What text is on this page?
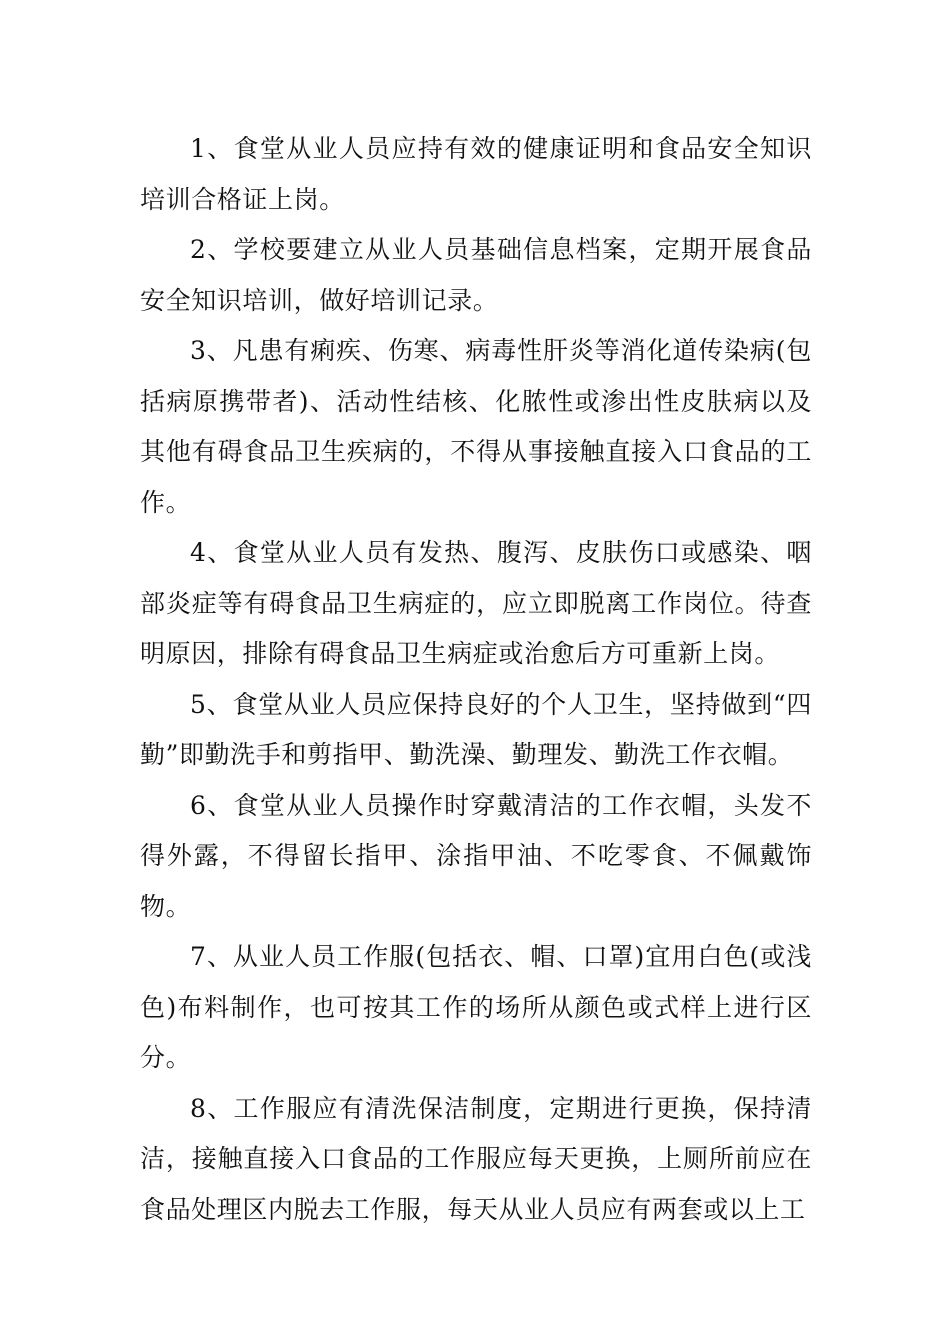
1、食堂从业人员应持有效的健康证明和食品安全知识培训合格证上岗。

2、学校要建立从业人员基础信息档案，定期开展食品安全知识培训，做好培训记录。

3、凡患有痢疾、伤寒、病毒性肝炎等消化道传染病(包括病原携带者)、活动性结核、化脓性或渗出性皮肤病以及其他有碍食品卫生疾病的，不得从事接触直接入口食品的工作。

4、食堂从业人员有发热、腹泻、皮肤伤口或感染、咽部炎症等有碍食品卫生病症的，应立即脱离工作岗位。待查明原因，排除有碍食品卫生病症或治愈后方可重新上岗。

5、食堂从业人员应保持良好的个人卫生，坚持做到“四勤”即勤洗手和剪指甲、勤洗澡、勤理发、勤洗工作衣帽。

6、食堂从业人员操作时穿戴清洁的工作衣帽，头发不得外露，不得留长指甲、涂指甲油、不吃零食、不佩戴饰物。

7、从业人员工作服(包括衣、帽、口罩)宜用白色(或浅色)布料制作，也可按其工作的场所从颜色或式样上进行区分。

8、工作服应有清洗保洁制度，定期进行更换，保持清洁，接触直接入口食品的工作服应每天更换，上厕所前应在食品处理区内脱去工作服，每天从业人员应有两套或以上工
